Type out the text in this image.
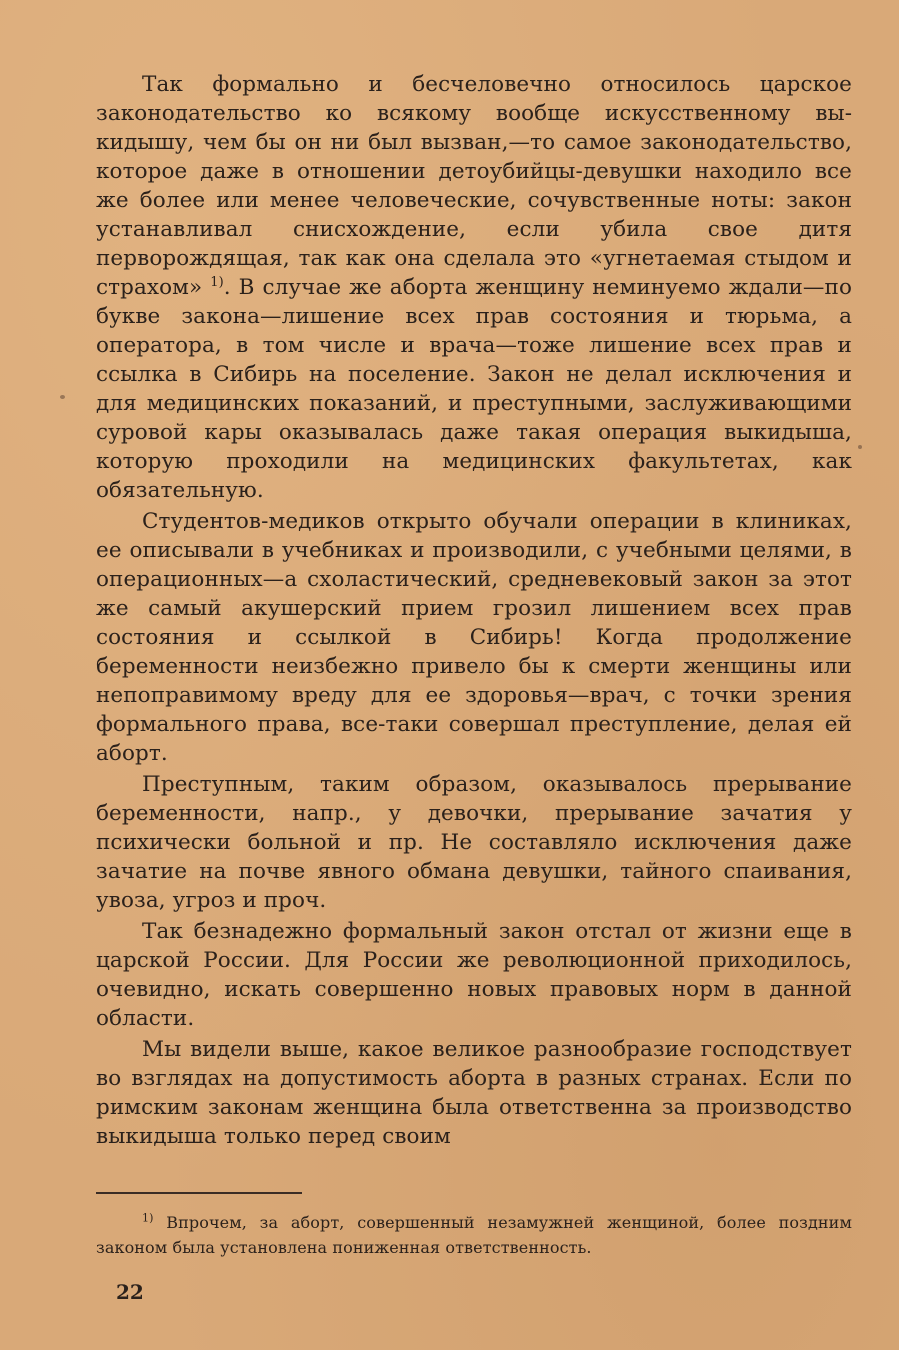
Так формально и бесчеловечно относилось царское законодательство ко всякому вообще искусственному выкидышу, чем бы он ни был вызван,—то самое законодательство, которое даже в отношении детоубийцы-девушки находило все же более или менее человеческие, сочувственные ноты: закон устанавливал снисхождение, если убила свое дитя перворождящая, так как она сделала это «угнетаемая стыдом и страхом» $^{1)}$. В случае же аборта женщину неминуемо ждали—по букве закона—лишение всех прав состояния и тюрьма, а оператора, в том числе и врача—тоже лишение всех прав и ссылка в Сибирь на поселение. Закон не делал исключения и для медицинских показаний, и преступными, заслуживающими суровой кары оказывалась даже такая операция выкидыша, которую проходили на медицинских факультетах, как обязательную.

Студентов-медиков открыто обучали операции в клиниках, ее описывали в учебниках и производили, с учебными целями, в операционных—а схоластический, средневековый закон за этот же самый акушерский прием грозил лишением всех прав состояния и ссылкой в Сибирь! Когда продолжение беременности неизбежно привело бы к смерти женщины или непоправимому вреду для ее здоровья—врач, с точки зрения формального права, все-таки совершал преступление, делая ей аборт.

Преступным, таким образом, оказывалось прерывание беременности, напр., у девочки, прерывание зачатия у психически больной и пр. Не составляло исключения даже зачатие на почве явного обмана девушки, тайного спаивания, увоза, угроз и проч.

Так безнадежно формальный закон отстал от жизни еще в царской России. Для России же революционной приходилось, очевидно, искать совершенно новых правовых норм в данной области.

Мы видели выше, какое великое разнообразие господствует во взглядах на допустимость аборта в разных странах. Если по римским законам женщина была ответственна за производство выкидыша только перед своим

$^{1)}$ Впрочем, за аборт, совершенный незамужней женщиной, более поздним законом была установлена пониженная ответственность.
22
